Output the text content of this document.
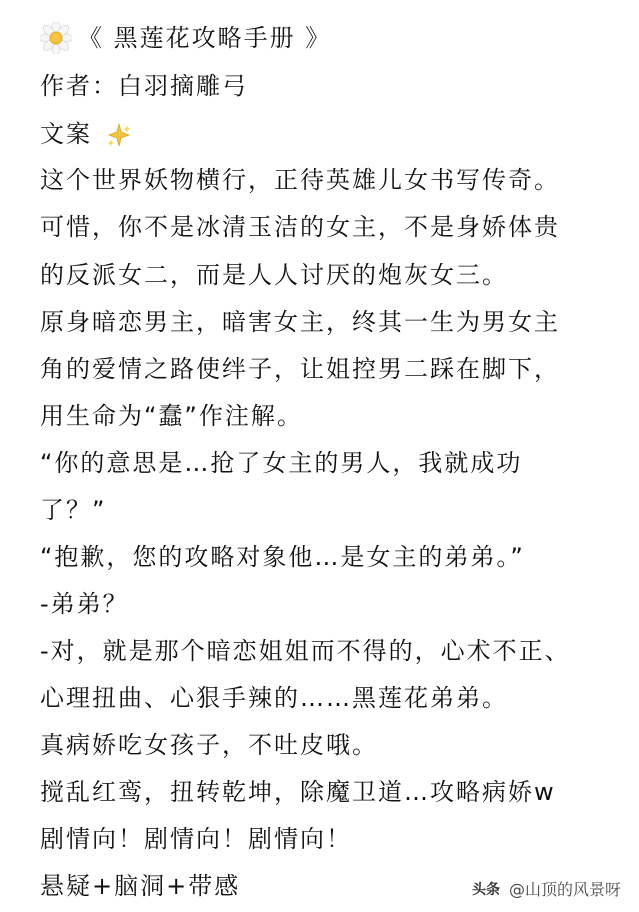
《 黑莲花攻略手册 》
作者：白羽摘雕弓
文案
这个世界妖物横行，正待英雄儿女书写传奇。
可惜，你不是冰清玉洁的女主，不是身娇体贵
的反派女二，而是人人讨厌的炮灰女三。
原身暗恋男主，暗害女主，终其一生为男女主
角的爱情之路使绊子，让姐控男二踩在脚下，
用生命为“蠢”作注解。
“你的意思是…抢了女主的男人，我就成功
了？”
“抱歉，您的攻略对象他…是女主的弟弟。”
-弟弟？
-对，就是那个暗恋姐姐而不得的，心术不正、
心理扭曲、心狠手辣的……黑莲花弟弟。
真病娇吃女孩子，不吐皮哦。
搅乱红鸾，扭转乾坤，除魔卫道…攻略病娇w
剧情向！剧情向！剧情向！
悬疑+脑洞+带感	头条 @山顶的风景呀
